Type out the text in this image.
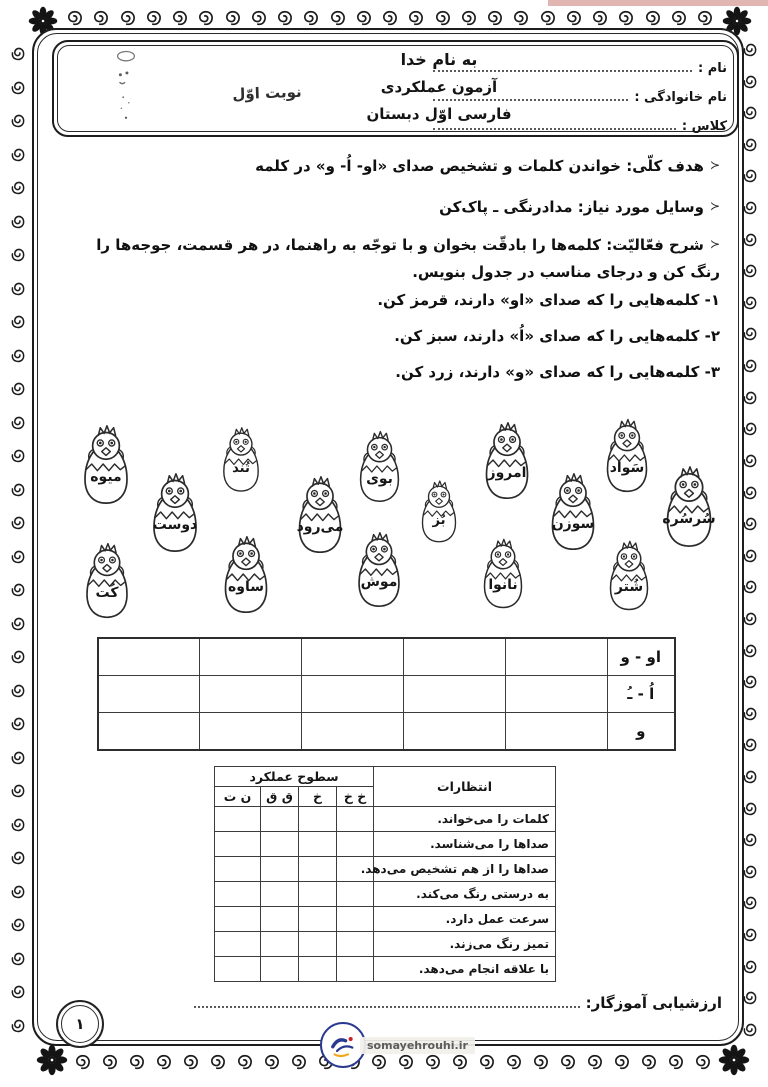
نام :
نام خانوادگی :
کلاس :
به نام خدا
آزمون عملکردی
فارسی اوّل دبستان
نوبت اوّل
≺هدف کلّی: خواندن کلمات و تشخیص صدای «او- اُ- و» در کلمه
≺وسایل مورد نیاز: مدادرنگی ـ پاک‌کن
≺شرح فعّالیّت: کلمه‌ها را بادقّت بخوان و با توجّه به راهنما، در هر قسمت، جوجه‌ها را رنگ کن و درجای مناسب در جدول بنویس.
۱- کلمه‌هایی را که صدای «او» دارند، قرمز کن.
۲- کلمه‌هایی را که صدای «اُ» دارند، سبز کن.
۳- کلمه‌هایی را که صدای «و» دارند، زرد کن.
میوه
تُند
بوی	امروز	سَواد
دوست	می‌رود	بُز	سوزن	سُرسُره
کُت	ساوه	موش	نانوا	شُتر
او - و					
اُ - ـُ					
و					
انتظارات	سطوح عملکرد			
	خ خ	خ	ق ق	ن ت
کلمات را می‌خواند.				
صداها را می‌شناسد.				
صداها را از هم تشخیص می‌دهد.				
به درستی رنگ می‌کند.				
سرعت عمل دارد.				
تمیز رنگ می‌زند.				
با علاقه انجام می‌دهد.				
ارزشیابی آموزگار:
۱
somayehrouhi.ir
